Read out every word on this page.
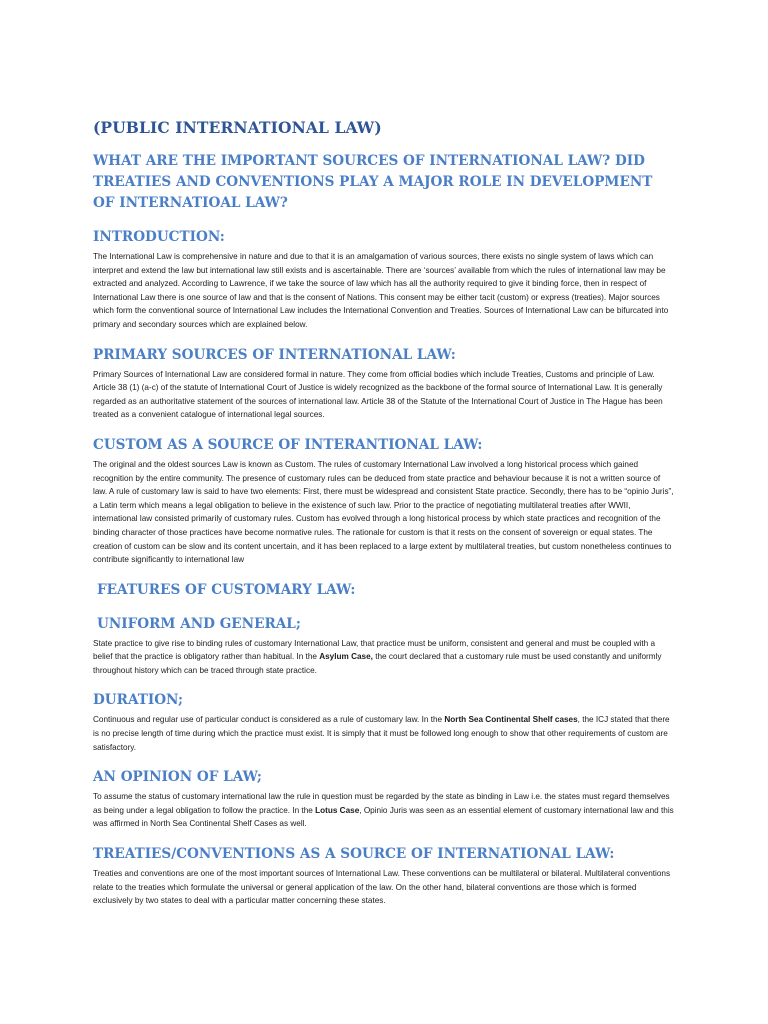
(PUBLIC INTERNATIONAL LAW)
WHAT ARE THE IMPORTANT SOURCES OF INTERNATIONAL LAW? DID TREATIES AND CONVENTIONS PLAY A MAJOR ROLE IN DEVELOPMENT OF INTERNATIOAL LAW?
INTRODUCTION:

The International Law is comprehensive in nature and due to that it is an amalgamation of various sources, there exists no single system of laws which can interpret and extend the law but international law still exists and is ascertainable. There are ‘sources’ available from which the rules of international law may be extracted and analyzed. According to Lawrence, if we take the source of law which has all the authority required to give it binding force, then in respect of International Law there is one source of law and that is the consent of Nations. This consent may be either tacit (custom) or express (treaties). Major sources which form the conventional source of International Law includes the International Convention and Treaties. Sources of International Law can be bifurcated into primary and secondary sources which are explained below.

PRIMARY SOURCES OF INTERNATIONAL LAW:

Primary Sources of International Law are considered formal in nature. They come from official bodies which include Treaties, Customs and principle of Law. Article 38 (1) (a-c) of the statute of International Court of Justice is widely recognized as the backbone of the formal source of International Law. It is generally regarded as an authoritative statement of the sources of international law. Article 38 of the Statute of the International Court of Justice in The Hague has been treated as a convenient catalogue of international legal sources.

CUSTOM AS A SOURCE OF INTERANTIONAL LAW:

The original and the oldest sources Law is known as Custom. The rules of customary International Law involved a long historical process which gained recognition by the entire community. The presence of customary rules can be deduced from state practice and behaviour because it is not a written source of law. A rule of customary law is said to have two elements: First, there must be widespread and consistent State practice. Secondly, there has to be “opinio Juris”, a Latin term which means a legal obligation to believe in the existence of such law. Prior to the practice of negotiating multilateral treaties after WWII, international law consisted primarily of customary rules. Custom has evolved through a long historical process by which state practices and recognition of the binding character of those practices have become normative rules. The rationale for custom is that it rests on the consent of sovereign or equal states. The creation of custom can be slow and its content uncertain, and it has been replaced to a large extent by multilateral treaties, but custom nonetheless continues to contribute significantly to international law

FEATURES OF CUSTOMARY LAW:
UNIFORM AND GENERAL;

State practice to give rise to binding rules of customary International Law, that practice must be uniform, consistent and general and must be coupled with a belief that the practice is obligatory rather than habitual. In the Asylum Case, the court declared that a customary rule must be used constantly and uniformly throughout history which can be traced through state practice.

DURATION;

Continuous and regular use of particular conduct is considered as a rule of customary law. In the North Sea Continental Shelf cases, the ICJ stated that there is no precise length of time during which the practice must exist. It is simply that it must be followed long enough to show that other requirements of custom are satisfactory.

AN OPINION OF LAW;

To assume the status of customary international law the rule in question must be regarded by the state as binding in Law i.e. the states must regard themselves as being under a legal obligation to follow the practice. In the Lotus Case, Opinio Juris was seen as an essential element of customary international law and this was affirmed in North Sea Continental Shelf Cases as well.

TREATIES/CONVENTIONS AS A SOURCE OF INTERNATIONAL LAW:

Treaties and conventions are one of the most important sources of International Law. These conventions can be multilateral or bilateral. Multilateral conventions relate to the treaties which formulate the universal or general application of the law. On the other hand, bilateral conventions are those which is formed exclusively by two states to deal with a particular matter concerning these states.
